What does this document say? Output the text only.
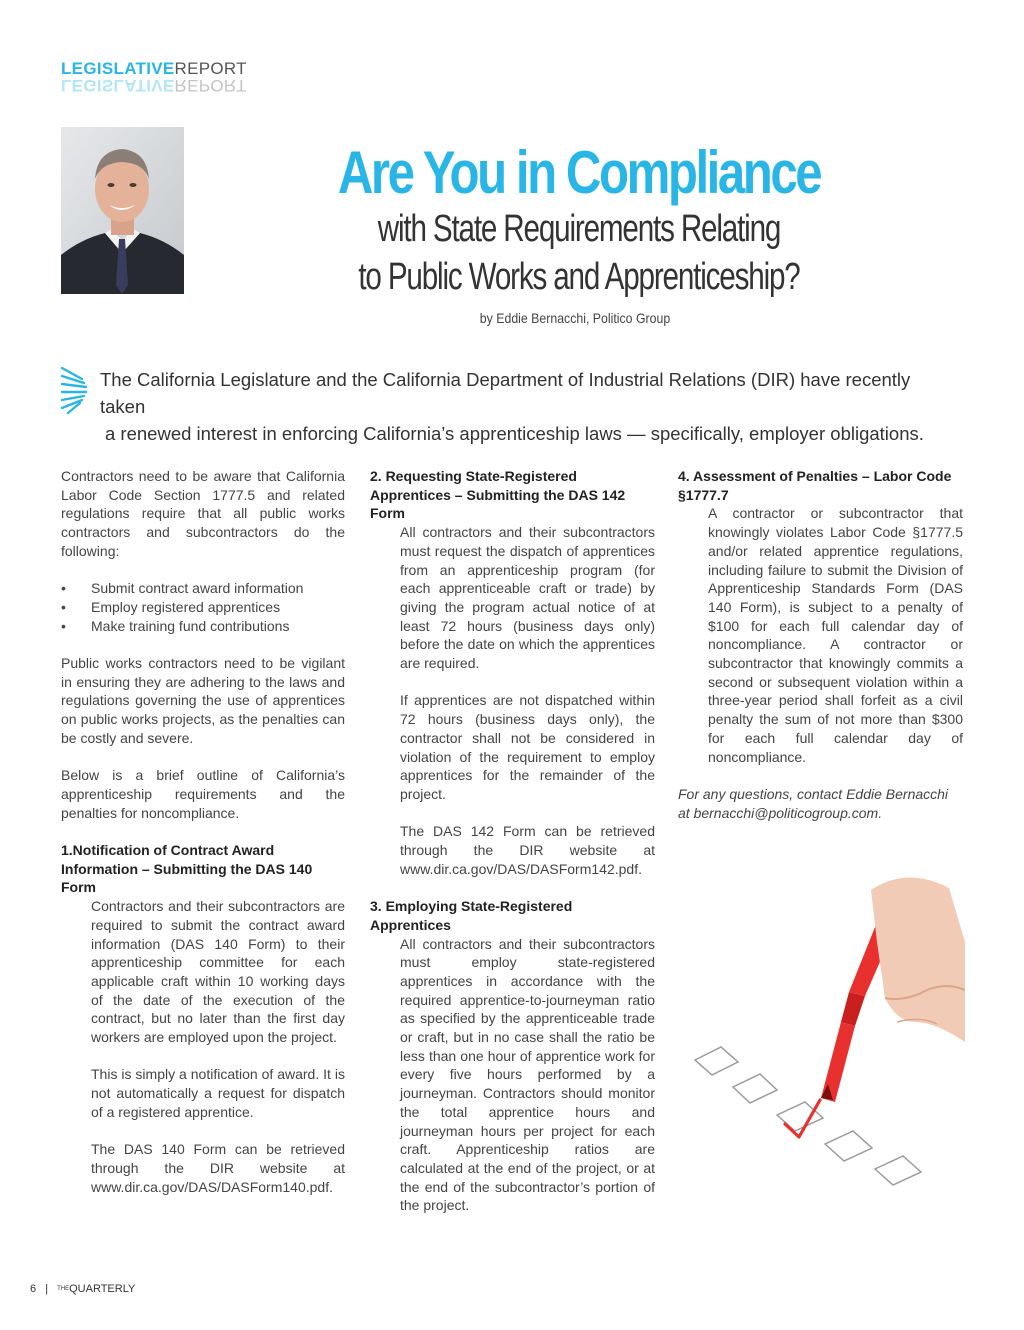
LEGISLATIVEREPORT
LEGISLATIVEREPORT
Are You in Compliance
with State Requirements Relating
to Public Works and Apprenticeship?
by Eddie Bernacchi, Politico Group
The California Legislature and the California Department of Industrial Relations (DIR) have recently taken
a renewed interest in enforcing California’s apprenticeship laws — specifically, employer obligations.

Contractors need to be aware that California Labor Code Section 1777.5 and related regulations require that all public works contractors and subcontractors do the following:

• Submit contract award information
• Employ registered apprentices
• Make training fund contributions

Public works contractors need to be vigilant in ensuring they are adhering to the laws and regulations governing the use of apprentices on public works projects, as the penalties can be costly and severe.

Below is a brief outline of California’s apprenticeship requirements and the penalties for noncompliance.

1.Notification of Contract Award Information – Submitting the DAS 140 Form

Contractors and their subcontractors are required to submit the contract award information (DAS 140 Form) to their apprenticeship committee for each applicable craft within 10 working days of the date of the execution of the contract, but no later than the first day workers are employed upon the project.

This is simply a notification of award. It is not automatically a request for dispatch of a registered apprentice.

The DAS 140 Form can be retrieved through the DIR website at www.dir.ca.gov/DAS/DASForm140.pdf.

2. Requesting State-Registered Apprentices – Submitting the DAS 142 Form

All contractors and their subcontractors must request the dispatch of apprentices from an apprenticeship program (for each apprenticeable craft or trade) by giving the program actual notice of at least 72 hours (business days only) before the date on which the apprentices are required.

If apprentices are not dispatched within 72 hours (business days only), the contractor shall not be considered in violation of the requirement to employ apprentices for the remainder of the project.

The DAS 142 Form can be retrieved through the DIR website at www.dir.ca.gov/DAS/DASForm142.pdf.

3. Employing State-Registered Apprentices

All contractors and their subcontractors must employ state-registered apprentices in accordance with the required apprentice-to-journeyman ratio as specified by the apprenticeable trade or craft, but in no case shall the ratio be less than one hour of apprentice work for every five hours performed by a journeyman. Contractors should monitor the total apprentice hours and journeyman hours per project for each craft. Apprenticeship ratios are calculated at the end of the project, or at the end of the subcontractor’s portion of the project.

4. Assessment of Penalties – Labor Code §1777.7

A contractor or subcontractor that knowingly violates Labor Code §1777.5 and/or related apprentice regulations, including failure to submit the Division of Apprenticeship Standards Form (DAS 140 Form), is subject to a penalty of $100 for each full calendar day of noncompliance. A contractor or subcontractor that knowingly commits a second or subsequent violation within a three-year period shall forfeit as a civil penalty the sum of not more than $300 for each full calendar day of noncompliance.

For any questions, contact Eddie Bernacchi at bernacchi@politicogroup.com.

6 | THEQUARTERLY
